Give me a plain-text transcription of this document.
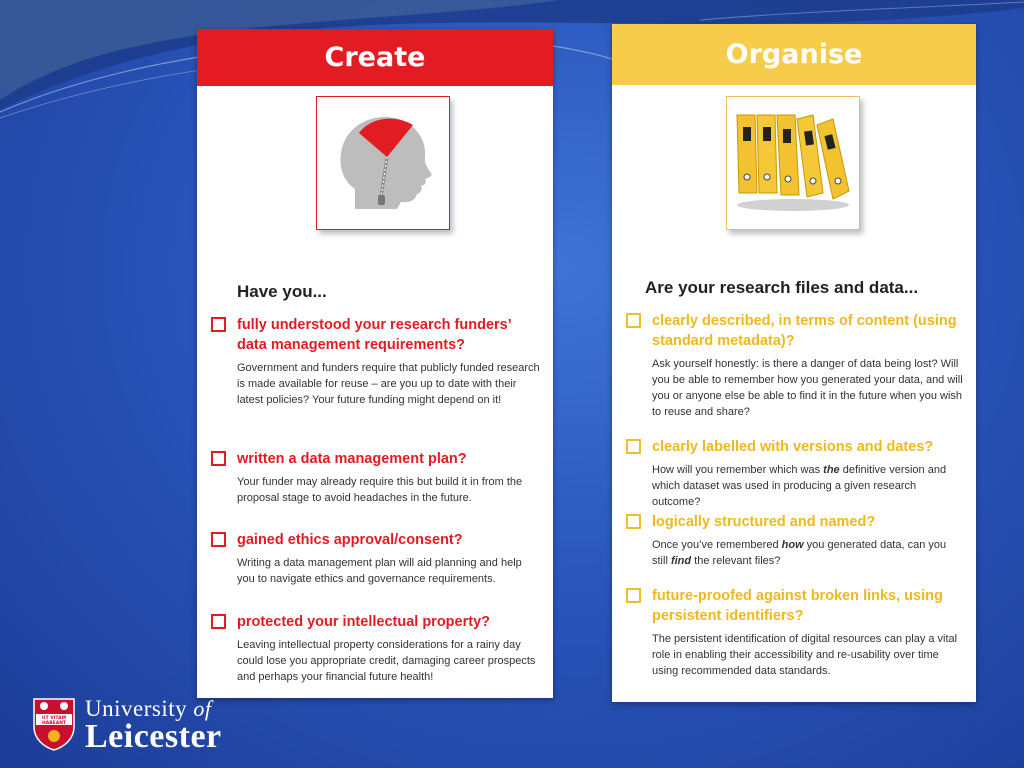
Create
Have you...
fully understood your research funders’ data management requirements?
Government and funders require that publicly funded research is made available for reuse – are you up to date with their latest policies? Your future funding might depend on it!
written a data management plan?
Your funder may already require this but build it in from the proposal stage to avoid headaches in the future.
gained ethics approval/consent?
Writing a data management plan will aid planning and help you to navigate ethics and governance requirements.
protected your intellectual property?
Leaving intellectual property considerations for a rainy day could lose you appropriate credit, damaging career prospects and perhaps your financial future health!
Organise
Are your research files and data...
clearly described, in terms of content (using standard metadata)?
Ask yourself honestly: is there a danger of data being lost? Will you be able to remember how you generated your data, and will you or anyone else be able to find it in the future when you wish to reuse and share?
clearly labelled with versions and dates?
How will you remember which was the definitive version and which dataset was used in producing a given research outcome?
logically structured and named?
Once you’ve remembered how you generated data, can you still find the relevant files?
future-proofed against broken links, using persistent identifiers?
The persistent identification of digital resources can play a vital role in enabling their accessibility and re-usability over time using recommended data standards.
UT VITAM
HABEANT
University of
Leicester
